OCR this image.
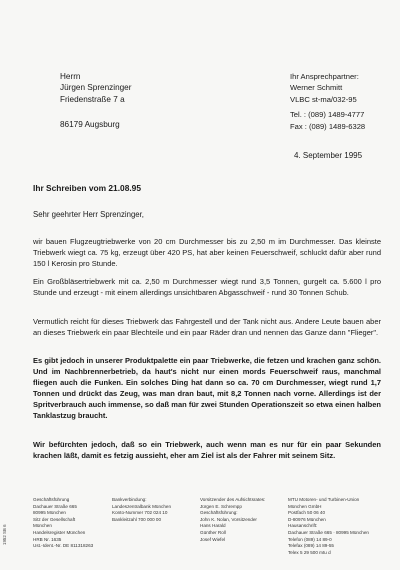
Herrn
Jürgen Sprenzinger
Friedenstraße 7 a
86179 Augsburg
Ihr Ansprechpartner:
Werner Schmitt
VLBC st-ma/032-95
Tel. : (089) 1489-4777
Fax : (089) 1489-6328
4. September 1995
Ihr Schreiben vom 21.08.95
Sehr geehrter Herr Sprenzinger,
wir bauen Flugzeugtriebwerke von 20 cm Durchmesser bis zu 2,50 m im Durchmesser. Das kleinste Triebwerk wiegt ca. 75 kg, erzeugt über 420 PS, hat aber keinen Feuerschweif, schluckt dafür aber rund 150 l Kerosin pro Stunde.
Ein Großbläsertriebwerk mit ca. 2,50 m Durchmesser wiegt rund 3,5 Tonnen, gurgelt ca. 5.600 l pro Stunde und erzeugt - mit einem allerdings unsichtbaren Abgasschweif - rund 30 Tonnen Schub.
Vermutlich reicht für dieses Triebwerk das Fahrgestell und der Tank nicht aus. Andere Leute bauen aber an dieses Triebwerk ein paar Blechteile und ein paar Räder dran und nennen das Ganze dann "Flieger".
Es gibt jedoch in unserer Produktpalette ein paar Triebwerke, die fetzen und krachen ganz schön. Und im Nachbrennerbetrieb, da haut's nicht nur einen mords Feuerschweif raus, manchmal fliegen auch die Funken. Ein solches Ding hat dann so ca. 70 cm Durchmesser, wiegt rund 1,7 Tonnen und drückt das Zeug, was man dran baut, mit 8,2 Tonnen nach vorne. Allerdings ist der Spritverbrauch auch immense, so daß man für zwei Stunden Operationszeit so etwa einen halben Tanklastzug braucht.
Wir befürchten jedoch, daß so ein Triebwerk, auch wenn man es nur für ein paar Sekunden krachen läßt, damit es fetzig aussieht, eher am Ziel ist als der Fahrer mit seinem Sitz.
Geschäftsführung
Dachauer Straße 665
80995 München
Sitz der Gesellschaft
München
Handelsregister München
HRB Nr. 1635
Ust.-Ident.-Nr. DE 811318263
Bankverbindung:
Landeszentralbank München
Konto-Nummer 702 024 10
Bankleitzahl 700 000 00
Vorsitzender des Aufsichtsrates:
Jürgen E. Schrempp
Geschäftsführung:
John K. Nolan, Vorsitzender
Hans Harald
Günther Roll
Josef Wiefel
MTU Motoren- und Turbinen-Union
München GmbH
Postfach 50 06 40
D-80976 München
Hausanschrift:
Dachauer Straße 665 · 80995 München
Telefon (089) 14 89-0
Telefax (089) 14 89-55
Telex 5 29 500 mtu d
1952 SB 6
